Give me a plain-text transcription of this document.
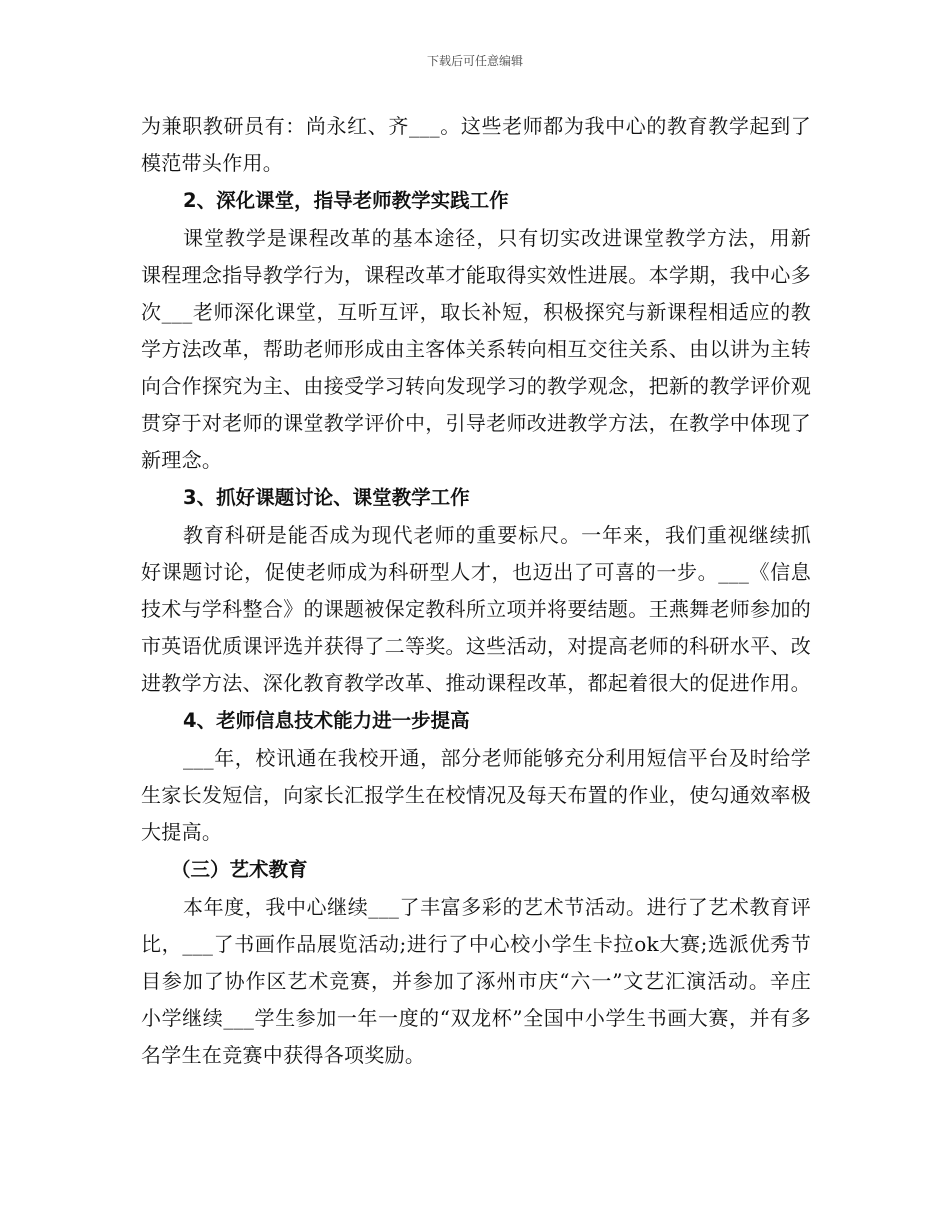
下载后可任意编辑

为兼职教研员有：尚永红、齐___。这些老师都为我中心的教育教学起到了模范带头作用。

2、深化课堂，指导老师教学实践工作

课堂教学是课程改革的基本途径，只有切实改进课堂教学方法，用新课程理念指导教学行为，课程改革才能取得实效性进展。本学期，我中心多次___老师深化课堂，互听互评，取长补短，积极探究与新课程相适应的教学方法改革，帮助老师形成由主客体关系转向相互交往关系、由以讲为主转向合作探究为主、由接受学习转向发现学习的教学观念，把新的教学评价观贯穿于对老师的课堂教学评价中，引导老师改进教学方法，在教学中体现了新理念。

3、抓好课题讨论、课堂教学工作

教育科研是能否成为现代老师的重要标尺。一年来，我们重视继续抓好课题讨论，促使老师成为科研型人才，也迈出了可喜的一步。___《信息技术与学科整合》的课题被保定教科所立项并将要结题。王燕舞老师参加的市英语优质课评选并获得了二等奖。这些活动，对提高老师的科研水平、改进教学方法、深化教育教学改革、推动课程改革，都起着很大的促进作用。

4、老师信息技术能力进一步提高

___年，校讯通在我校开通，部分老师能够充分利用短信平台及时给学生家长发短信，向家长汇报学生在校情况及每天布置的作业，使勾通效率极大提高。

（三）艺术教育

本年度，我中心继续___了丰富多彩的艺术节活动。进行了艺术教育评比，___了书画作品展览活动;进行了中心校小学生卡拉ok大赛;选派优秀节目参加了协作区艺术竞赛，并参加了涿州市庆“六一”文艺汇演活动。辛庄小学继续___学生参加一年一度的“双龙杯”全国中小学生书画大赛，并有多名学生在竞赛中获得各项奖励。
